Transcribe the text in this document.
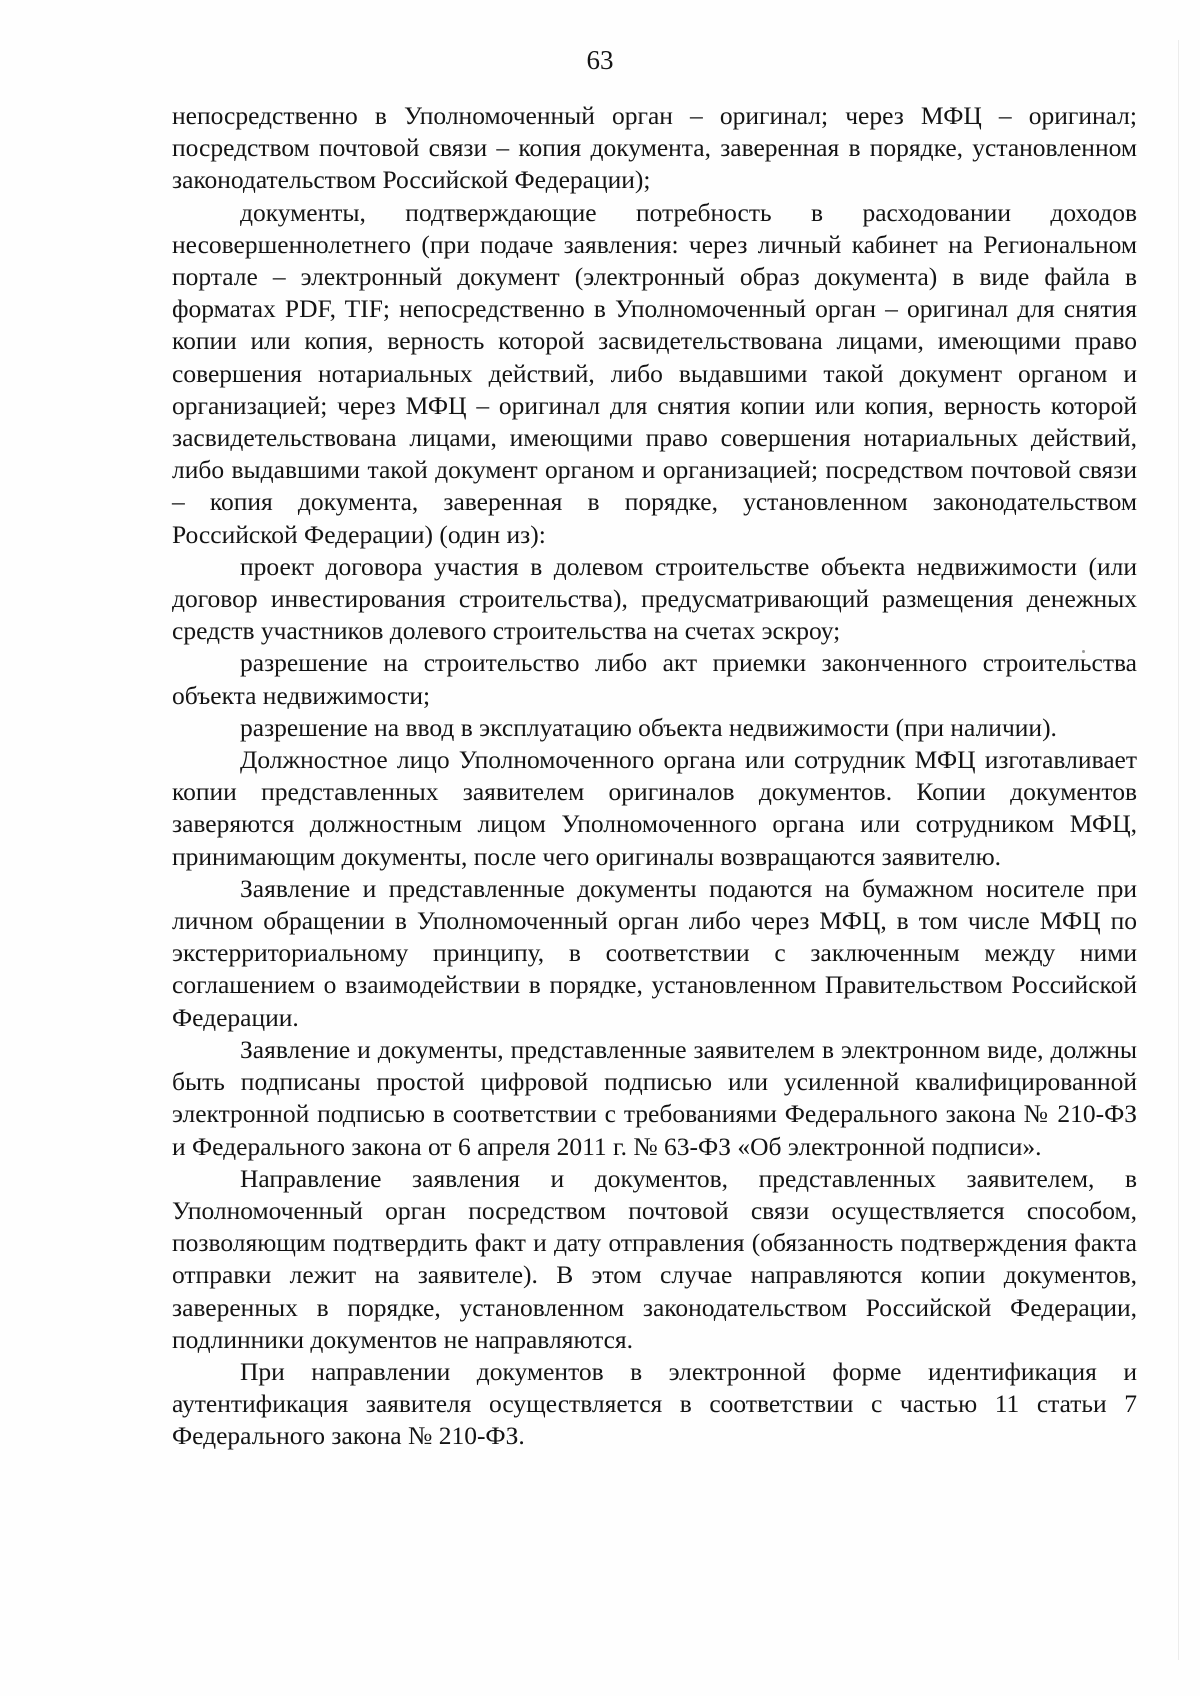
63

непосредственно в Уполномоченный орган – оригинал; через МФЦ – оригинал; посредством почтовой связи – копия документа, заверенная в порядке, установленном законодательством Российской Федерации);

документы, подтверждающие потребность в расходовании доходов несовершеннолетнего (при подаче заявления: через личный кабинет на Региональном портале – электронный документ (электронный образ документа) в виде файла в форматах PDF, TIF; непосредственно в Уполномоченный орган – оригинал для снятия копии или копия, верность которой засвидетельствована лицами, имеющими право совершения нотариальных действий, либо выдавшими такой документ органом и организацией; через МФЦ – оригинал для снятия копии или копия, верность которой засвидетельствована лицами, имеющими право совершения нотариальных действий, либо выдавшими такой документ органом и организацией; посредством почтовой связи – копия документа, заверенная в порядке, установленном законодательством Российской Федерации) (один из):

проект договора участия в долевом строительстве объекта недвижимости (или договор инвестирования строительства), предусматривающий размещения денежных средств участников долевого строительства на счетах эскроу;

разрешение на строительство либо акт приемки законченного строительства объекта недвижимости;

разрешение на ввод в эксплуатацию объекта недвижимости (при наличии).

Должностное лицо Уполномоченного органа или сотрудник МФЦ изготавливает копии представленных заявителем оригиналов документов. Копии документов заверяются должностным лицом Уполномоченного органа или сотрудником МФЦ, принимающим документы, после чего оригиналы возвращаются заявителю.

Заявление и представленные документы подаются на бумажном носителе при личном обращении в Уполномоченный орган либо через МФЦ, в том числе МФЦ по экстерриториальному принципу, в соответствии с заключенным между ними соглашением о взаимодействии в порядке, установленном Правительством Российской Федерации.

Заявление и документы, представленные заявителем в электронном виде, должны быть подписаны простой цифровой подписью или усиленной квалифицированной электронной подписью в соответствии с требованиями Федерального закона № 210-ФЗ и Федерального закона от 6 апреля 2011 г. № 63-ФЗ «Об электронной подписи».

Направление заявления и документов, представленных заявителем, в Уполномоченный орган посредством почтовой связи осуществляется способом, позволяющим подтвердить факт и дату отправления (обязанность подтверждения факта отправки лежит на заявителе). В этом случае направляются копии документов, заверенных в порядке, установленном законодательством Российской Федерации, подлинники документов не направляются.

При направлении документов в электронной форме идентификация и аутентификация заявителя осуществляется в соответствии с частью 11 статьи 7 Федерального закона № 210-ФЗ.
